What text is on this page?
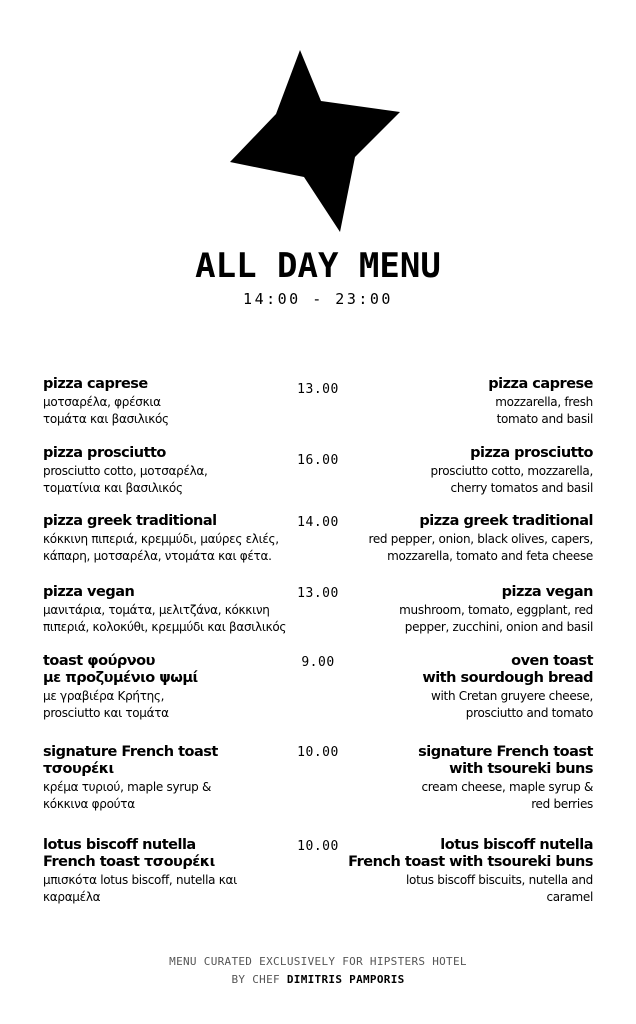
ALL DAY MENU
14:00 - 23:00
pizza caprese
μοτσαρέλα, φρέσκια
τομάτα και βασιλικός
13.00	pizza caprese
mozzarella, fresh
tomato and basil
pizza prosciutto
prosciutto cotto, μοτσαρέλα,
τοματίνια και βασιλικός
16.00	pizza prosciutto
prosciutto cotto, mozzarella,
cherry tomatos and basil
pizza greek traditional
κόκκινη πιπεριά, κρεμμύδι, μαύρες ελιές,
κάπαρη, μοτσαρέλα, ντομάτα και φέτα.
14.00	pizza greek traditional
red pepper, onion, black olives, capers,
mozzarella, tomato and feta cheese
pizza vegan
μανιτάρια, τομάτα, μελιτζάνα, κόκκινη
πιπεριά, κολοκύθι, κρεμμύδι και βασιλικός
13.00	pizza vegan
mushroom, tomato, eggplant, red
pepper, zucchini, onion and basil
toast φούρνου
με προζυμένιο ψωμί
με γραβιέρα Κρήτης,
prosciutto και τομάτα
9.00	oven toast
with sourdough bread
with Cretan gruyere cheese,
prosciutto and tomato
signature French toast
τσουρέκι
κρέμα τυριού, maple syrup &
κόκκινα φρούτα
10.00	signature French toast
with tsoureki buns
cream cheese, maple syrup &
red berries
lotus biscoff nutella
French toast τσουρέκι
μπισκότα lotus biscoff, nutella και
καραμέλα
10.00	lotus biscoff nutella
French toast with tsoureki buns
lotus biscoff biscuits, nutella and
caramel
MENU CURATED EXCLUSIVELY FOR HIPSTERS HOTEL
BY CHEF DIMITRIS PAMPORIS
